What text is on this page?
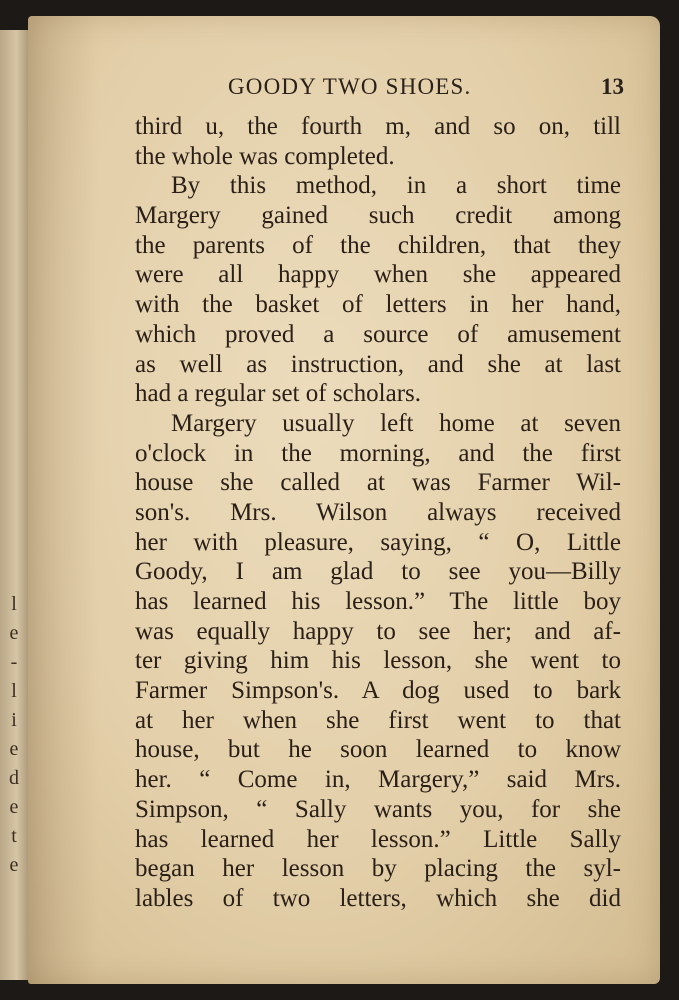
l
e
-
l
i
e
d
e
t
e
GOODY TWO SHOES.	13
third u, the fourth m, and so on, till
the whole was completed.
By this method, in a short time
Margery gained such credit among
the parents of the children, that they
were all happy when she appeared
with the basket of letters in her hand,
which proved a source of amusement
as well as instruction, and she at last
had a regular set of scholars.
Margery usually left home at seven
o'clock in the morning, and the first
house she called at was Farmer Wil-
son's. Mrs. Wilson always received
her with pleasure, saying, “ O, Little
Goody, I am glad to see you—Billy
has learned his lesson.” The little boy
was equally happy to see her; and af-
ter giving him his lesson, she went to
Farmer Simpson's. A dog used to bark
at her when she first went to that
house, but he soon learned to know
her. “ Come in, Margery,” said Mrs.
Simpson, “ Sally wants you, for she
has learned her lesson.” Little Sally
began her lesson by placing the syl-
lables of two letters, which she did
